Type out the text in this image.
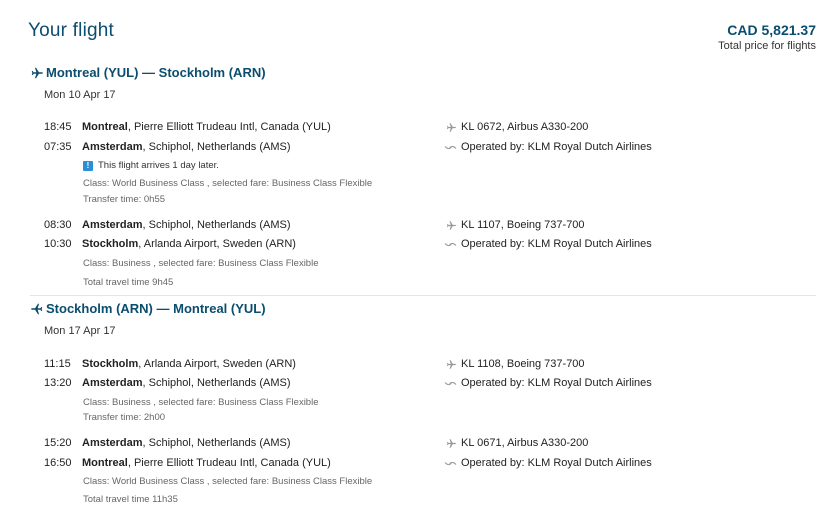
Your flight	CAD 5,821.37
Total price for flights
Montreal (YUL) — Stockholm (ARN)
Mon 10 Apr 17
18:45 Montreal, Pierre Elliott Trudeau Intl, Canada (YUL)
07:35 Amsterdam, Schiphol, Netherlands (AMS)
! This flight arrives 1 day later.
Class: World Business Class , selected fare: Business Class Flexible
Transfer time: 0h55
KL 0672, Airbus A330-200
Operated by: KLM Royal Dutch Airlines
08:30 Amsterdam, Schiphol, Netherlands (AMS)
10:30 Stockholm, Arlanda Airport, Sweden (ARN)
Class: Business , selected fare: Business Class Flexible
Total travel time 9h45
KL 1107, Boeing 737-700
Operated by: KLM Royal Dutch Airlines
Stockholm (ARN) — Montreal (YUL)
Mon 17 Apr 17
11:15 Stockholm, Arlanda Airport, Sweden (ARN)
13:20 Amsterdam, Schiphol, Netherlands (AMS)
Class: Business , selected fare: Business Class Flexible
Transfer time: 2h00
KL 1108, Boeing 737-700
Operated by: KLM Royal Dutch Airlines
15:20 Amsterdam, Schiphol, Netherlands (AMS)
16:50 Montreal, Pierre Elliott Trudeau Intl, Canada (YUL)
Class: World Business Class , selected fare: Business Class Flexible
Total travel time 11h35
KL 0671, Airbus A330-200
Operated by: KLM Royal Dutch Airlines
